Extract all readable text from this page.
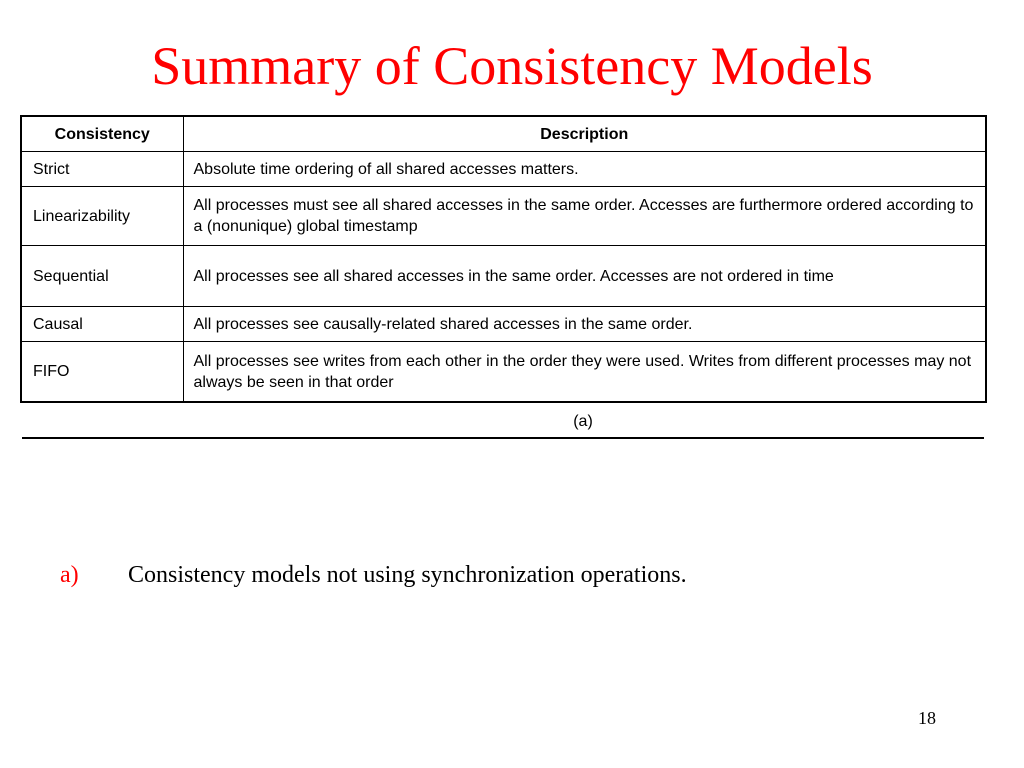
Summary of Consistency Models
Consistency	Description
Strict	Absolute time ordering of all shared accesses matters.
Linearizability	All processes must see all shared accesses in the same order. Accesses are furthermore ordered according to a (nonunique) global timestamp
Sequential	All processes see all shared accesses in the same order. Accesses are not ordered in time
Causal	All processes see causally-related shared accesses in the same order.
FIFO	All processes see writes from each other in the order they were used. Writes from different processes may not always be seen in that order
(a)
a) Consistency models not using synchronization operations.
18
